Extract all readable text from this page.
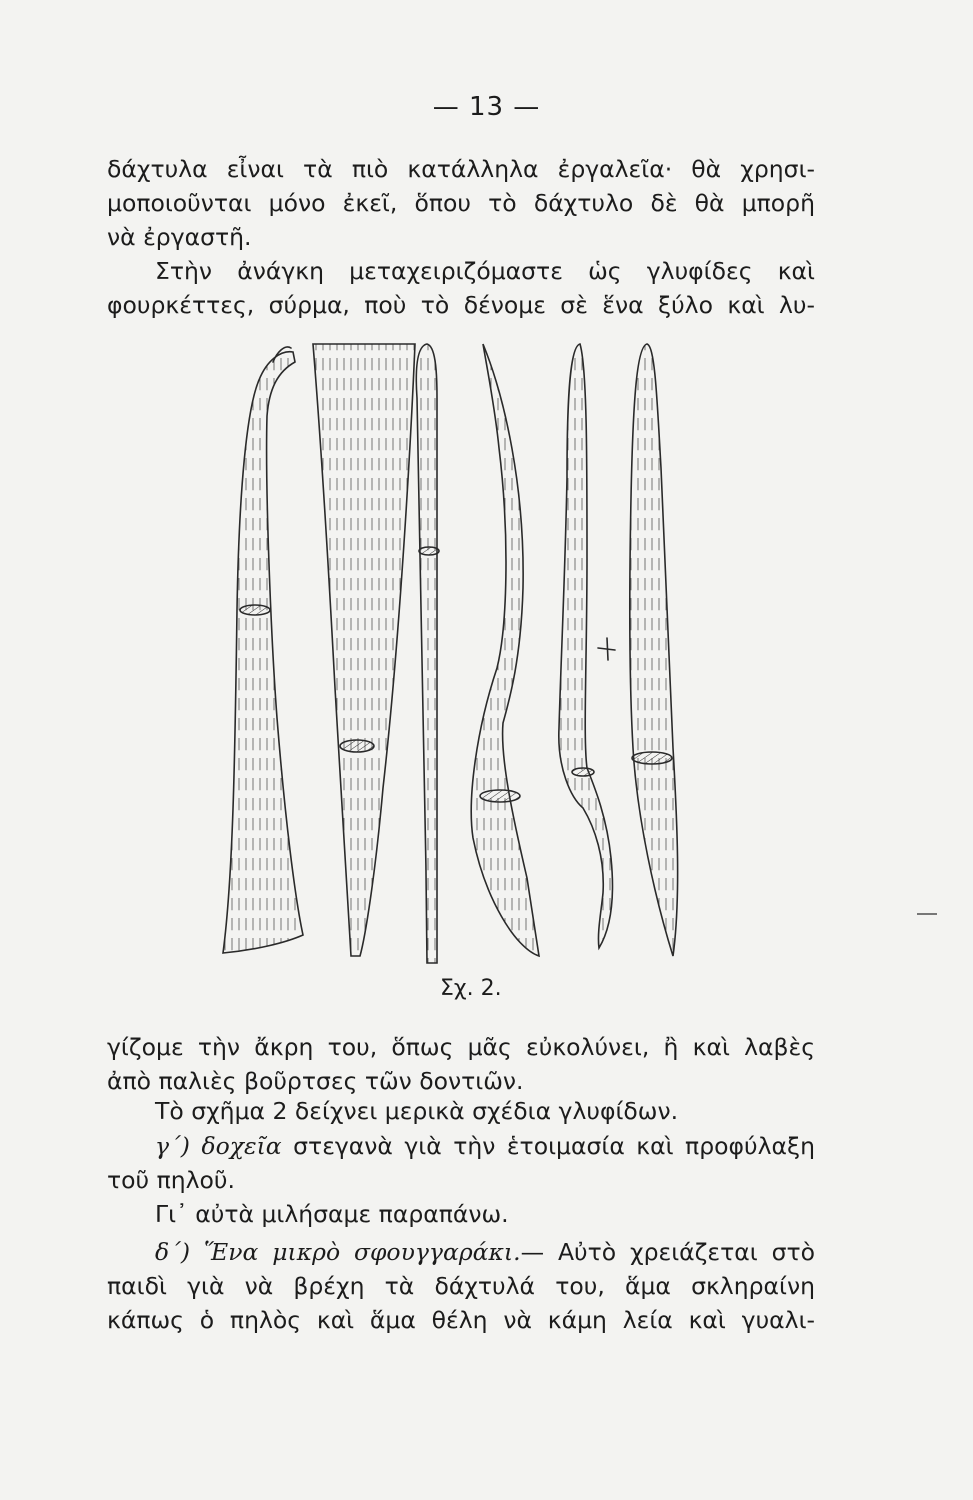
— 13 —
δάχτυλα εἶναι τὰ πιὸ κατάλληλα ἐργαλεῖα· θὰ χρησι-
μοποιοῦνται μόνο ἐκεῖ, ὅπου τὸ δάχτυλο δὲ θὰ μπορῆ
νὰ ἐργαστῆ.
Στὴν ἀνάγκη μεταχειριζόμαστε ὡς γλυφίδες καὶ
φουρκέττες, σύρμα, ποὺ τὸ δένομε σὲ ἕνα ξύλο καὶ λυ-
Σχ. 2.
γίζομε τὴν ἄκρη του, ὅπως μᾶς εὐκολύνει, ἢ καὶ λαβὲς
ἀπὸ παλιὲς βοῦρτσες τῶν δοντιῶν.
Τὸ σχῆμα 2 δείχνει μερικὰ σχέδια γλυφίδων.
γ΄) δοχεῖα στεγανὰ γιὰ τὴν ἑτοιμασία καὶ προφύλαξη
τοῦ πηλοῦ.
Γι᾿ αὐτὰ μιλήσαμε παραπάνω.
δ΄) Ἕνα μικρὸ σφουγγαράκι.— Αὐτὸ χρειάζεται στὸ
παιδὶ γιὰ νὰ βρέχη τὰ δάχτυλά του, ἅμα σκληραίνη
κάπως ὁ πηλὸς καὶ ἅμα θέλη νὰ κάμη λεία καὶ γυαλι-
